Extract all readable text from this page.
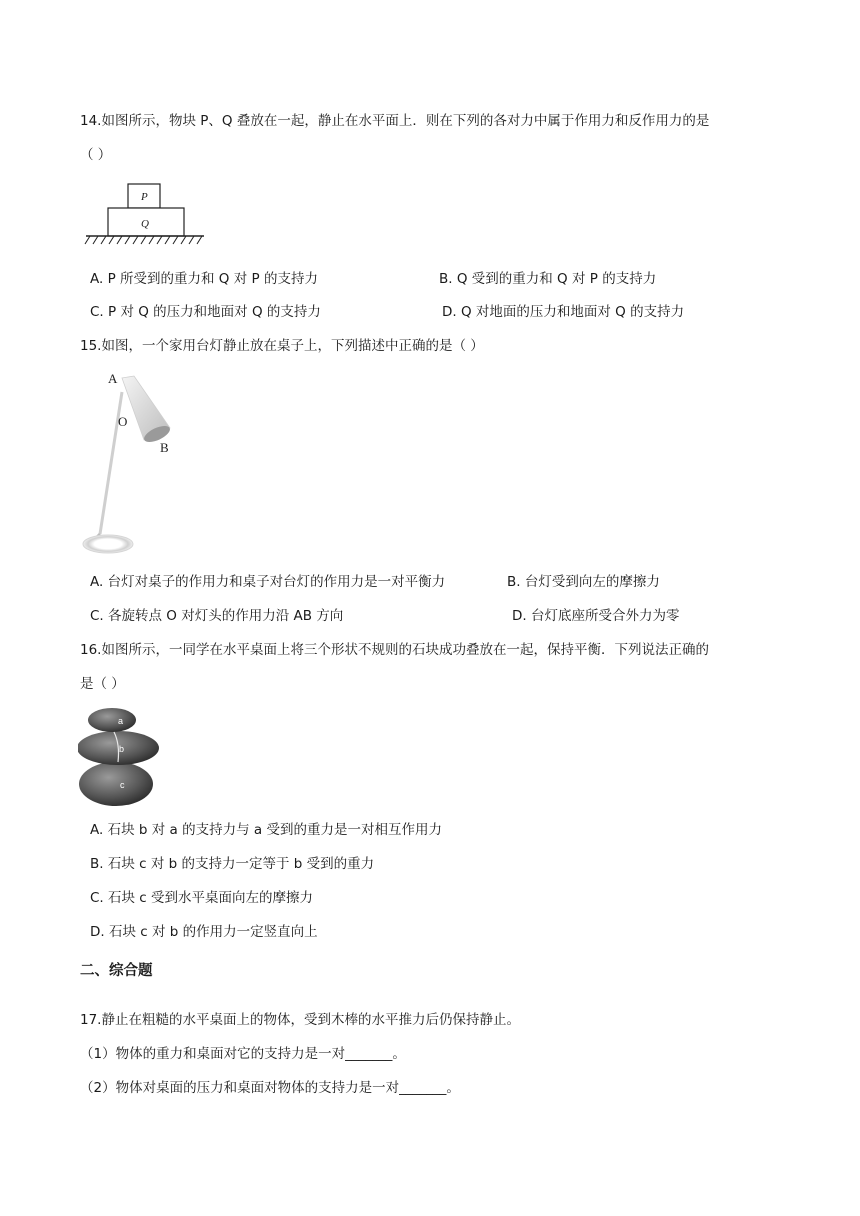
14.如图所示，物块 P、Q 叠放在一起，静止在水平面上．则在下列的各对力中属于作用力和反作用力的是
（ ）
P
Q
A. P 所受到的重力和 Q 对 P 的支持力	B. Q 受到的重力和 Q 对 P 的支持力
C. P 对 Q 的压力和地面对 Q 的支持力	D. Q 对地面的压力和地面对 Q 的支持力
15.如图，一个家用台灯静止放在桌子上，下列描述中正确的是（ ）
A
O
B
A. 台灯对桌子的作用力和桌子对台灯的作用力是一对平衡力	B. 台灯受到向左的摩擦力
C. 各旋转点 O 对灯头的作用力沿 AB 方向	D. 台灯底座所受合外力为零
16.如图所示，一同学在水平桌面上将三个形状不规则的石块成功叠放在一起，保持平衡．下列说法正确的
是（ ）
a
b
c
A. 石块 b 对 a 的支持力与 a 受到的重力是一对相互作用力
B. 石块 c 对 b 的支持力一定等于 b 受到的重力
C. 石块 c 受到水平桌面向左的摩擦力
D. 石块 c 对 b 的作用力一定竖直向上
二、综合题
17.静止在粗糙的水平桌面上的物体，受到木棒的水平推力后仍保持静止。
（1）物体的重力和桌面对它的支持力是一对_______。
（2）物体对桌面的压力和桌面对物体的支持力是一对_______。
